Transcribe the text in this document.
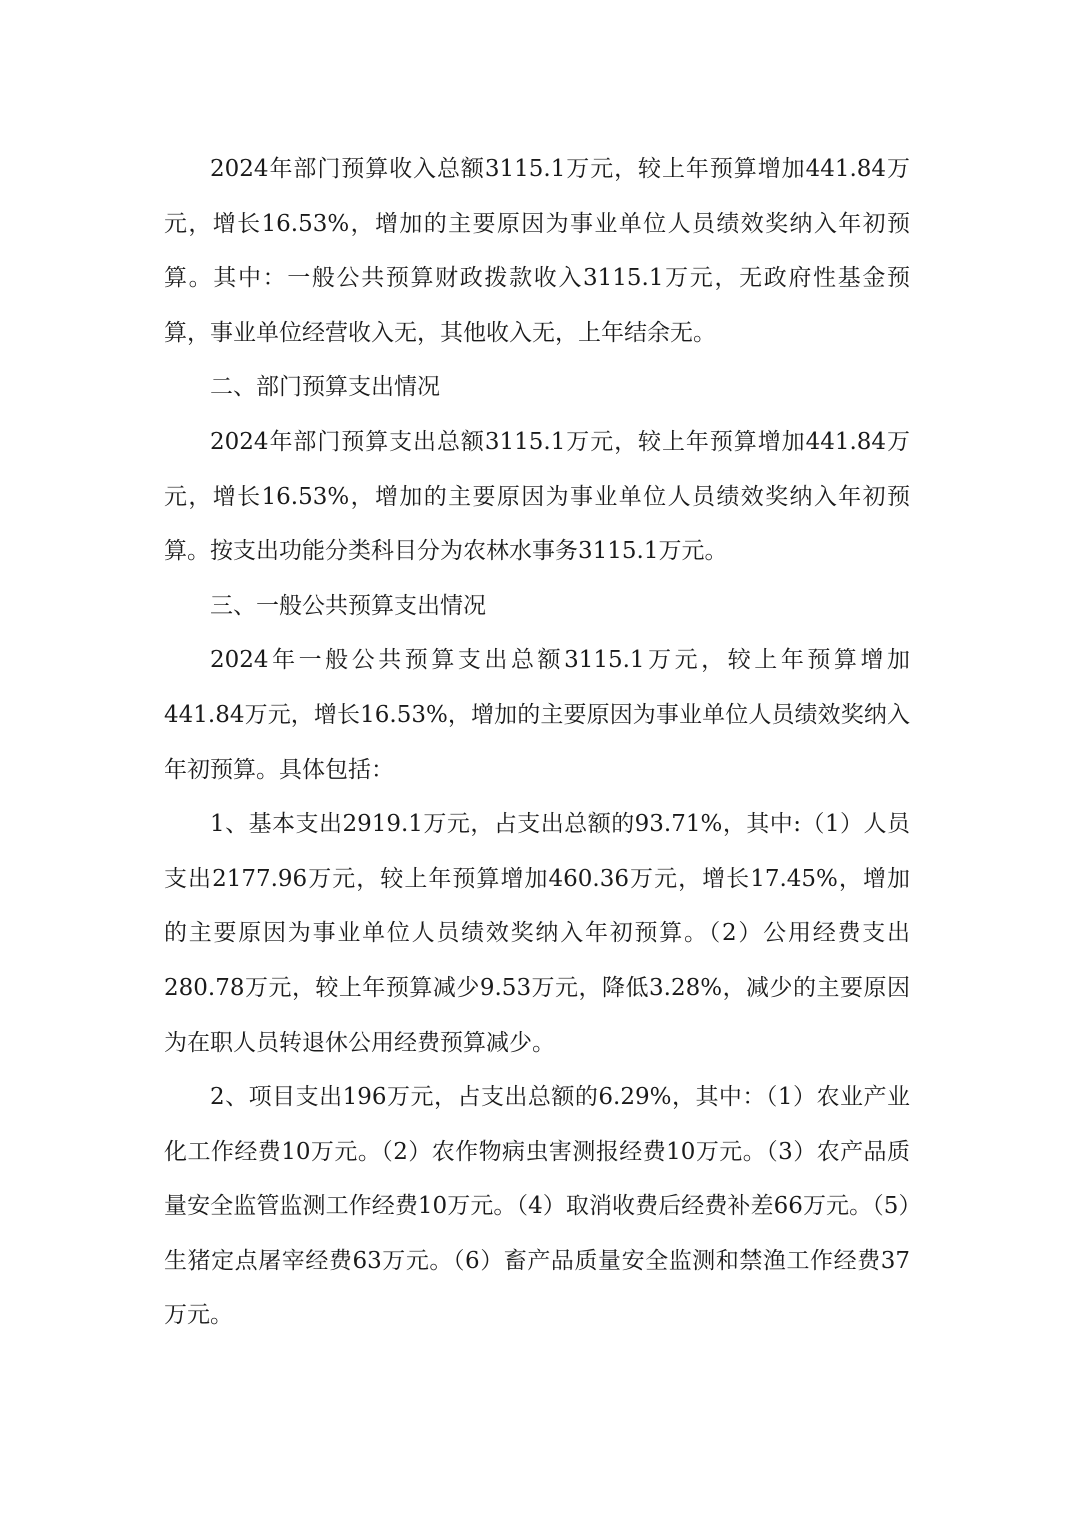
2024年部门预算收入总额3115.1万元，较上年预算增加441.84万元，增长16.53%，增加的主要原因为事业单位人员绩效奖纳入年初预算。其中：一般公共预算财政拨款收入3115.1万元，无政府性基金预算，事业单位经营收入无，其他收入无，上年结余无。

二、部门预算支出情况

2024年部门预算支出总额3115.1万元，较上年预算增加441.84万元，增长16.53%，增加的主要原因为事业单位人员绩效奖纳入年初预算。按支出功能分类科目分为农林水事务3115.1万元。

三、一般公共预算支出情况

2024年一般公共预算支出总额3115.1万元，较上年预算增加441.84万元，增长16.53%，增加的主要原因为事业单位人员绩效奖纳入年初预算。具体包括：

1、基本支出2919.1万元，占支出总额的93.71%，其中:（1）人员支出2177.96万元，较上年预算增加460.36万元，增长17.45%，增加的主要原因为事业单位人员绩效奖纳入年初预算。（2）公用经费支出280.78万元，较上年预算减少9.53万元，降低3.28%，减少的主要原因为在职人员转退休公用经费预算减少。

2、项目支出196万元，占支出总额的6.29%，其中：（1）农业产业化工作经费10万元。（2）农作物病虫害测报经费10万元。（3）农产品质量安全监管监测工作经费10万元。（4）取消收费后经费补差66万元。（5）生猪定点屠宰经费63万元。（6）畜产品质量安全监测和禁渔工作经费37万元。
